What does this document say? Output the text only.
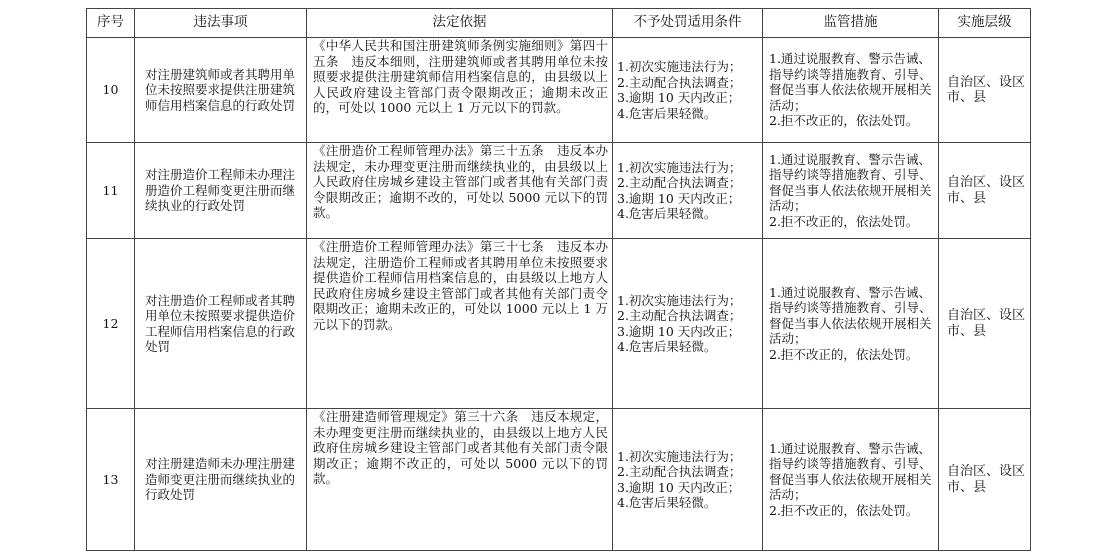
序号	违法事项	法定依据	不予处罚适用条件	监管措施	实施层级
10	对注册建筑师或者其聘用单位未按照要求提供注册建筑师信用档案信息的行政处罚	《中华人民共和国注册建筑师条例实施细则》第四十五条　违反本细则，注册建筑师或者其聘用单位未按照要求提供注册建筑师信用档案信息的，由县级以上人民政府建设主管部门责令限期改正；逾期未改正的，可处以 1000 元以上 1 万元以下的罚款。	1.初次实施违法行为；
2.主动配合执法调查；
3.逾期 10 天内改正；
4.危害后果轻微。	1.通过说服教育、警示告诫、指导约谈等措施教育、引导、督促当事人依法依规开展相关活动；
2.拒不改正的，依法处罚。	自治区、设区市、县
11	对注册造价工程师未办理注册造价工程师变更注册而继续执业的行政处罚	《注册造价工程师管理办法》第三十五条　违反本办法规定，未办理变更注册而继续执业的，由县级以上人民政府住房城乡建设主管部门或者其他有关部门责令限期改正；逾期不改的，可处以 5000 元以下的罚款。	1.初次实施违法行为；
2.主动配合执法调查；
3.逾期 10 天内改正；
4.危害后果轻微。	1.通过说服教育、警示告诫、指导约谈等措施教育、引导、督促当事人依法依规开展相关活动；
2.拒不改正的，依法处罚。	自治区、设区市、县
12	对注册造价工程师或者其聘用单位未按照要求提供造价工程师信用档案信息的行政处罚	《注册造价工程师管理办法》第三十七条　违反本办法规定，注册造价工程师或者其聘用单位未按照要求提供造价工程师信用档案信息的，由县级以上地方人民政府住房城乡建设主管部门或者其他有关部门责令限期改正；逾期未改正的，可处以 1000 元以上 1 万元以下的罚款。	1.初次实施违法行为；
2.主动配合执法调查；
3.逾期 10 天内改正；
4.危害后果轻微。	1.通过说服教育、警示告诫、指导约谈等措施教育、引导、督促当事人依法依规开展相关活动；
2.拒不改正的，依法处罚。	自治区、设区市、县
13	对注册建造师未办理注册建造师变更注册而继续执业的行政处罚	《注册建造师管理规定》第三十六条　违反本规定，未办理变更注册而继续执业的，由县级以上地方人民政府住房城乡建设主管部门或者其他有关部门责令限期改正；逾期不改正的，可处以 5000 元以下的罚款。	1.初次实施违法行为；
2.主动配合执法调查；
3.逾期 10 天内改正；
4.危害后果轻微。	1.通过说服教育、警示告诫、指导约谈等措施教育、引导、督促当事人依法依规开展相关活动；
2.拒不改正的，依法处罚。	自治区、设区市、县
